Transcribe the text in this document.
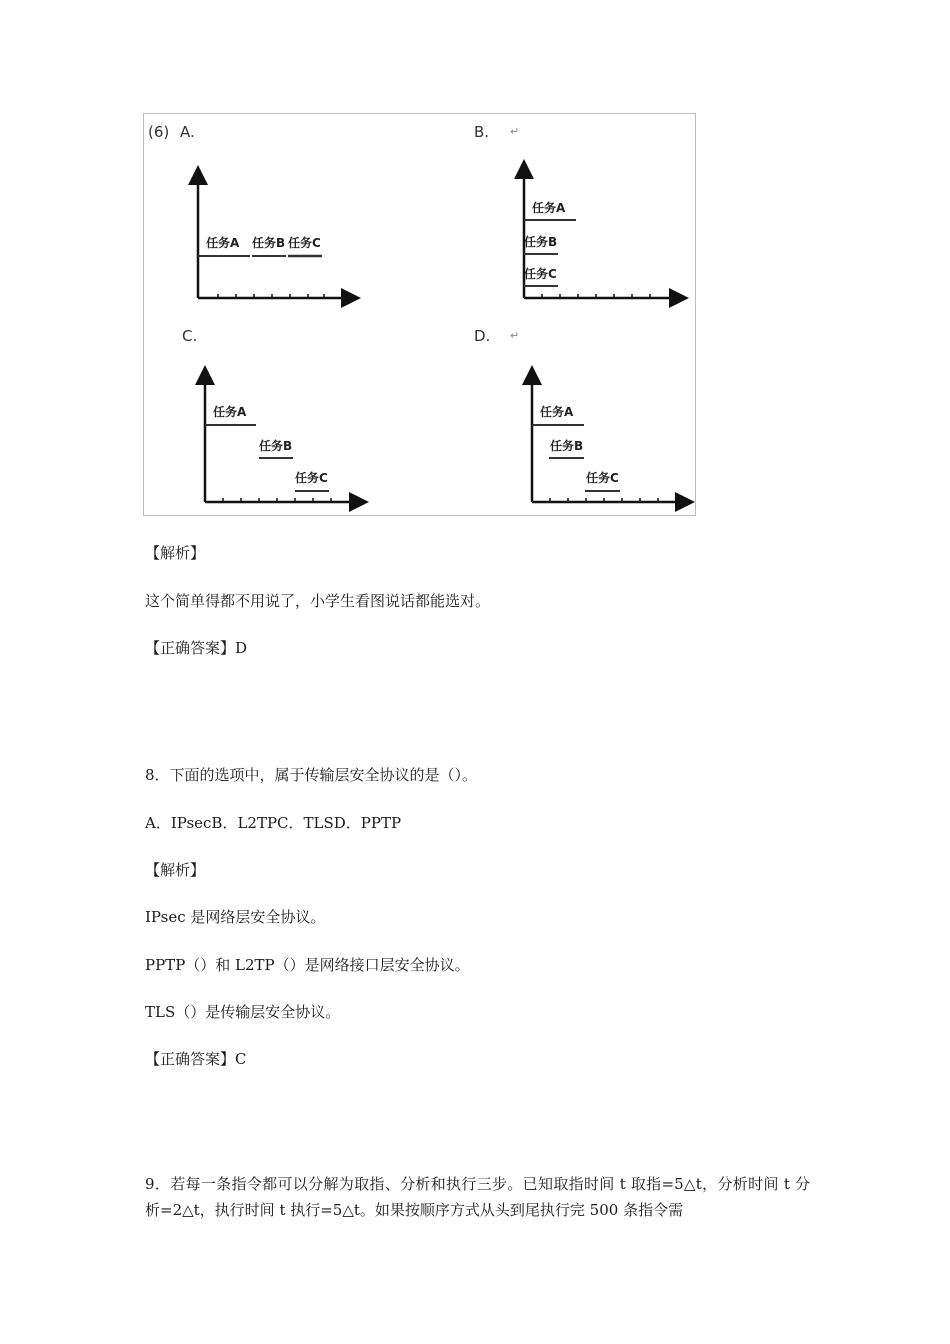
(6) A.	B. ↵
C.	D. ↵
任务A 任务B 任务C
任务A
任务B
任务C
任务A
任务B
任务C
任务A
任务B
任务C
【解析】
这个简单得都不用说了，小学生看图说话都能选对。
【正确答案】D
8．下面的选项中，属于传输层安全协议的是（）。
A．IPsecB．L2TPC．TLSD．PPTP
【解析】
IPsec 是网络层安全协议。
PPTP（）和 L2TP（）是网络接口层安全协议。
TLS（）是传输层安全协议。
【正确答案】C
9．若每一条指令都可以分解为取指、分析和执行三步。已知取指时间 t 取指=5△t，分析时间 t 分析=2△t，执行时间 t 执行=5△t。如果按顺序方式从头到尾执行完 500 条指令需
